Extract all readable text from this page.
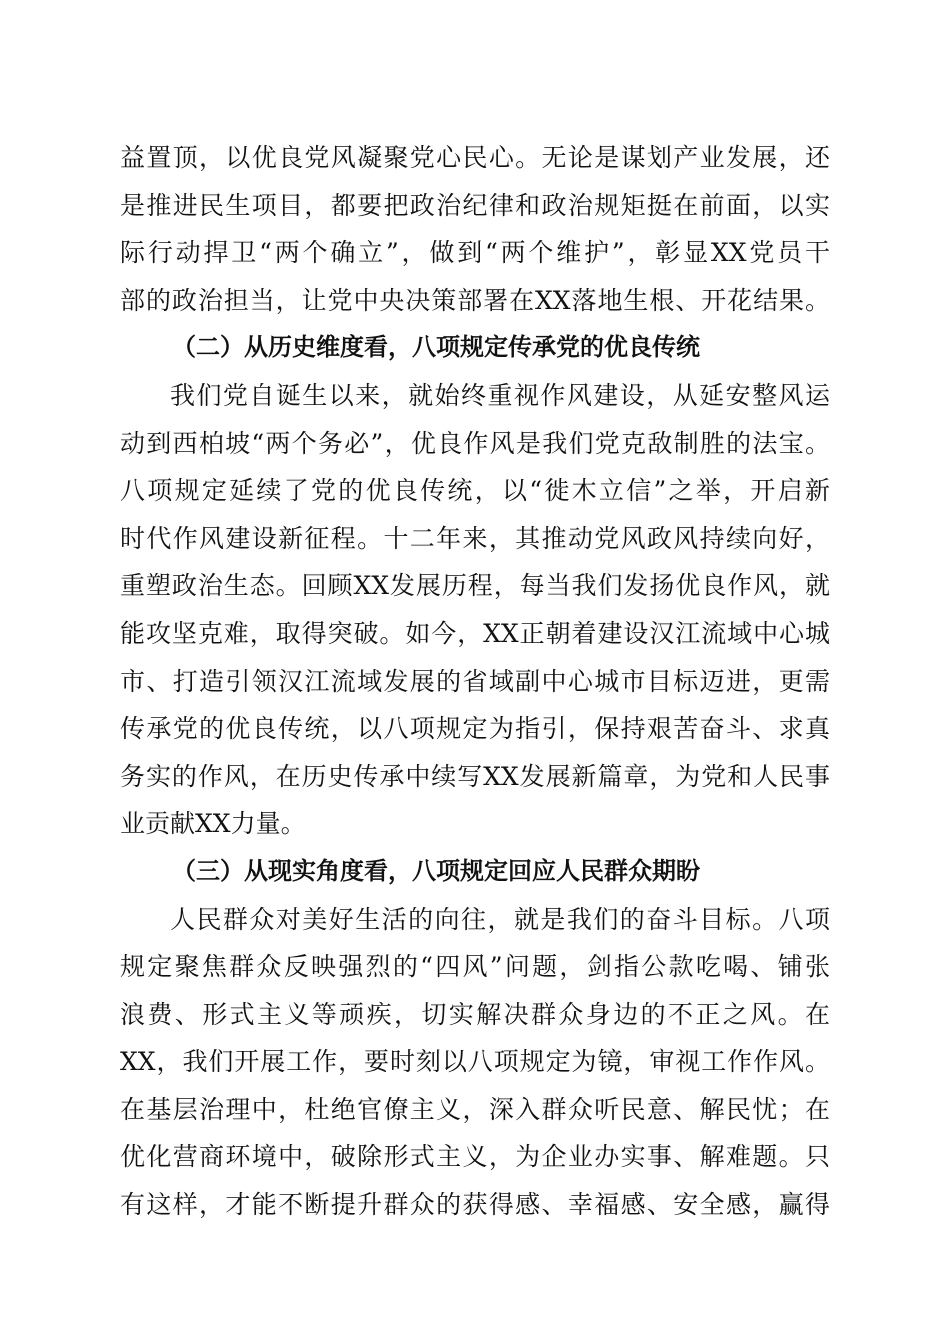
益置顶，以优良党风凝聚党心民心。无论是谋划产业发展，还
是推进民生项目，都要把政治纪律和政治规矩挺在前面，以实
际行动捍卫“两个确立”，做到“两个维护”，彰显XX党员干
部的政治担当，让党中央决策部署在XX落地生根、开花结果。
（二）从历史维度看，八项规定传承党的优良传统
我们党自诞生以来，就始终重视作风建设，从延安整风运
动到西柏坡“两个务必”，优良作风是我们党克敌制胜的法宝。
八项规定延续了党的优良传统，以“徙木立信”之举，开启新
时代作风建设新征程。十二年来，其推动党风政风持续向好，
重塑政治生态。回顾XX发展历程，每当我们发扬优良作风，就
能攻坚克难，取得突破。如今，XX正朝着建设汉江流域中心城
市、打造引领汉江流域发展的省域副中心城市目标迈进，更需
传承党的优良传统，以八项规定为指引，保持艰苦奋斗、求真
务实的作风，在历史传承中续写XX发展新篇章，为党和人民事
业贡献XX力量。
（三）从现实角度看，八项规定回应人民群众期盼
人民群众对美好生活的向往，就是我们的奋斗目标。八项
规定聚焦群众反映强烈的“四风”问题，剑指公款吃喝、铺张
浪费、形式主义等顽疾，切实解决群众身边的不正之风。在
XX，我们开展工作，要时刻以八项规定为镜，审视工作作风。
在基层治理中，杜绝官僚主义，深入群众听民意、解民忧；在
优化营商环境中，破除形式主义，为企业办实事、解难题。只
有这样，才能不断提升群众的获得感、幸福感、安全感，赢得
